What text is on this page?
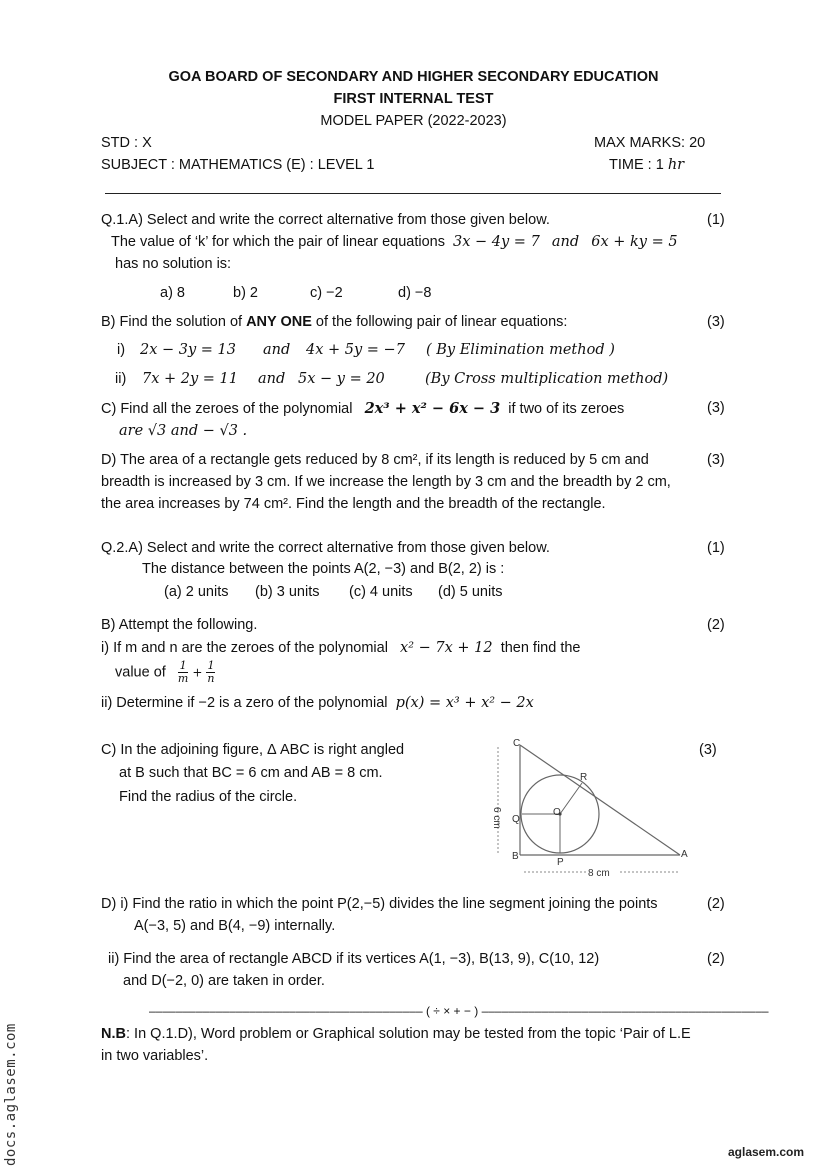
GOA BOARD OF SECONDARY AND HIGHER SECONDARY EDUCATION
FIRST INTERNAL TEST
MODEL PAPER (2022-2023)
STD : X	MAX MARKS: 20
SUBJECT : MATHEMATICS (E) : LEVEL 1	TIME : 1 hr
Q.1.A) Select and write the correct alternative from those given below.	(1)
The value of ‘k’ for which the pair of linear equations 3x − 4y = 7 and 6x + ky = 5
has no solution is:
a) 8	b) 2	c) −2	d) −8
B) Find the solution of ANY ONE of the following pair of linear equations:	(3)
i) 2x − 3y = 13 and 4x + 5y = −7 ( By Elimination method )
ii) 7x + 2y = 11 and 5x − y = 20	(By Cross multiplication method)
C) Find all the zeroes of the polynomial 2x³ + x² − 6x − 3 if two of its zeroes	(3)
are √3 and − √3 .
D) The area of a rectangle gets reduced by 8 cm², if its length is reduced by 5 cm and	(3)
breadth is increased by 3 cm. If we increase the length by 3 cm and the breadth by 2 cm,
the area increases by 74 cm². Find the length and the breadth of the rectangle.
Q.2.A) Select and write the correct alternative from those given below.	(1)
The distance between the points A(2, −3) and B(2, 2) is :
(a) 2 units (b) 3 units (c) 4 units (d) 5 units
B) Attempt the following.	(2)
i) If m and n are the zeroes of the polynomial x² − 7x + 12 then find the
value of $\frac{1}{m} + \frac{1}{n}$
ii) Determine if −2 is a zero of the polynomial p(x) = x³ + x² − 2x
C) In the adjoining figure, Δ ABC is right angled
at B such that BC = 6 cm and AB = 8 cm.
Find the radius of the circle.
(3)
C
R
O
Q
B
P
A
6 cm
8 cm
D) i) Find the ratio in which the point P(2,−5) divides the line segment joining the points	(2)
A(−3, 5) and B(4, −9) internally.
ii) Find the area of rectangle ABCD if its vertices A(1, −3), B(13, 9), C(10, 12)	(2)
and D(−2, 0) are taken in order.
––––––––––––––––––––––––––––––––––––––––– ( ÷ × + − ) –––––––––––––––––––––––––––––––––––––––––––
N.B: In Q.1.D), Word problem or Graphical solution may be tested from the topic ‘Pair of L.E
in two variables’.
docs.aglasem.com	aglasem.com
